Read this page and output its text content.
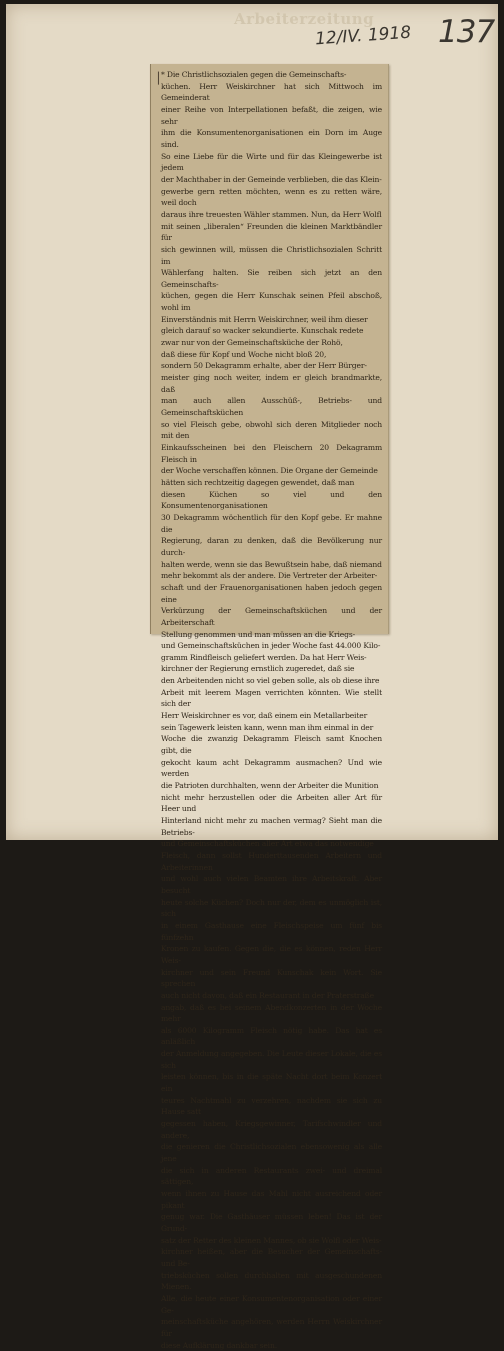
Arbeiterzeitung
12/IV. 1918 137

* Die Christlichsozialen gegen die Gemeinschafts-
küchen. Herr Weiskirchner hat sich Mittwoch im Gemeinderat
einer Reihe von Interpellationen befaßt, die zeigen, wie sehr
ihm die Konsumentenorganisationen ein Dorn im Auge sind.
So eine Liebe für die Wirte und für das Kleingewerbe ist jedem
der Machthaber in der Gemeinde verblieben, die das Klein-
gewerbe gern retten möchten, wenn es zu retten wäre, weil doch
daraus ihre treuesten Wähler stammen. Nun, da Herr Wolfl
mit seinen „liberalen“ Freunden die kleinen Marktbändler für
sich gewinnen will, müssen die Christlichsozialen Schritt im
Wählerfang halten. Sie reiben sich jetzt an den Gemeinschafts-
küchen, gegen die Herr Kunschak seinen Pfeil abschoß, wohl im
Einverständnis mit Herrn Weiskirchner, weil ihm dieser
gleich darauf so wacker sekundierte. Kunschak redete
zwar nur von der Gemeinschaftsküche der Rohö,
daß diese für Kopf und Woche nicht bloß 20,
sondern 50 Dekagramm erhalte, aber der Herr Bürger-
meister ging noch weiter, indem er gleich brandmarkte, daß
man auch allen Ausschüß-, Betriebs- und Gemeinschaftsküchen
so viel Fleisch gebe, obwohl sich deren Mitglieder noch mit den
Einkaufsscheinen bei den Fleischern 20 Dekagramm Fleisch in
der Woche verschaffen können. Die Organe der Gemeinde
hätten sich rechtzeitig dagegen gewendet, daß man
diesen Küchen so viel und den Konsumentenorganisationen
30 Dekagramm wöchentlich für den Kopf gebe. Er mahne die
Regierung, daran zu denken, daß die Bevölkerung nur durch-
halten werde, wenn sie das Bewußtsein habe, daß niemand
mehr bekommt als der andere. Die Vertreter der Arbeiter-
schaft und der Frauenorganisationen haben jedoch gegen eine
Verkürzung der Gemeinschaftsküchen und der Arbeiterschaft
Stellung genommen und man müssen an die Kriegs-
und Gemeinschaftsküchen in jeder Woche fast 44.000 Kilo-
gramm Rindfleisch geliefert werden. Da hat Herr Weis-
kirchner der Regierung ernstlich zugeredet, daß sie
den Arbeitenden nicht so viel geben solle, als ob diese ihre
Arbeit mit leerem Magen verrichten könnten. Wie stellt sich der
Herr Weiskirchner es vor, daß einem ein Metallarbeiter
sein Tagewerk leisten kann, wenn man ihm einmal in der
Woche die zwanzig Dekagramm Fleisch samt Knochen gibt, die
gekocht kaum acht Dekagramm ausmachen? Und wie werden
die Patrioten durchhalten, wenn der Arbeiter die Munition
nicht mehr herzustellen oder die Arbeiten aller Art für Heer und
Hinterland nicht mehr zu machen vermag? Sieht man die Betriebs-
und Gemeinschaftsküchen aller Art etwa das notwendige
Fleisch, dann sollst Hunderttausenden Arbeitern und Arbeiterinnen
und wohl auch vielen Beamten ihre Arbeitskraft. Aber besucht
heute solche Küchen? Doch nur der, dem es unmöglich ist, sich
in einem Gasthause eine Fleischspeise um fünf bis fünfzehn
Kronen zu kaufen. Gegen die, die es können, reden Herr Weis-
kirchner und sein Freund Kunschak kein Wort. Sie sprechen
auch nicht davon, daß ein Restaurant in der Praterstraße
angab, daß es bei seinem Abendkonzerten in der Woche mehr
als 6000 Kilogramm Fleisch nötig habe. Das hat es anläßlich
der Anmeldung angegeben. Die Leute dieser Lokale, die es sich
leisten können, bis in die späte Nacht dort beim Konzert ein
teures Nachtmahl zu verzehren, nachdem sie sich zu Hause satt
gegessen haben, Kriegsgewinner, Tarifschwindler und andere,
die genieren die Christlichsozialen ebensowenig als alle jene
die sich in anderen Restaurants zwei- und dreimal sättigen,
wenn ihnen zu Hause das Mahl nicht ausreichend oder pikant
genug war. Die Gasthäuser müssen leben! Das ist der Grund-
satz der Retter des kleinen Mannes, ob sie Wolfl oder Weis-
kirchner heißen, aber die Besucher der Gemeinschafts- und Be-
triebsküchen sollen durchhalten mit ausgeschundenen Mienen.
Alle, die heute einer Konsumentenorganisation oder einer Ge-
meinschaftsküche angehören, werden Herrn Weiskirchner für
diese Aufklärung dankbar sein.

│
